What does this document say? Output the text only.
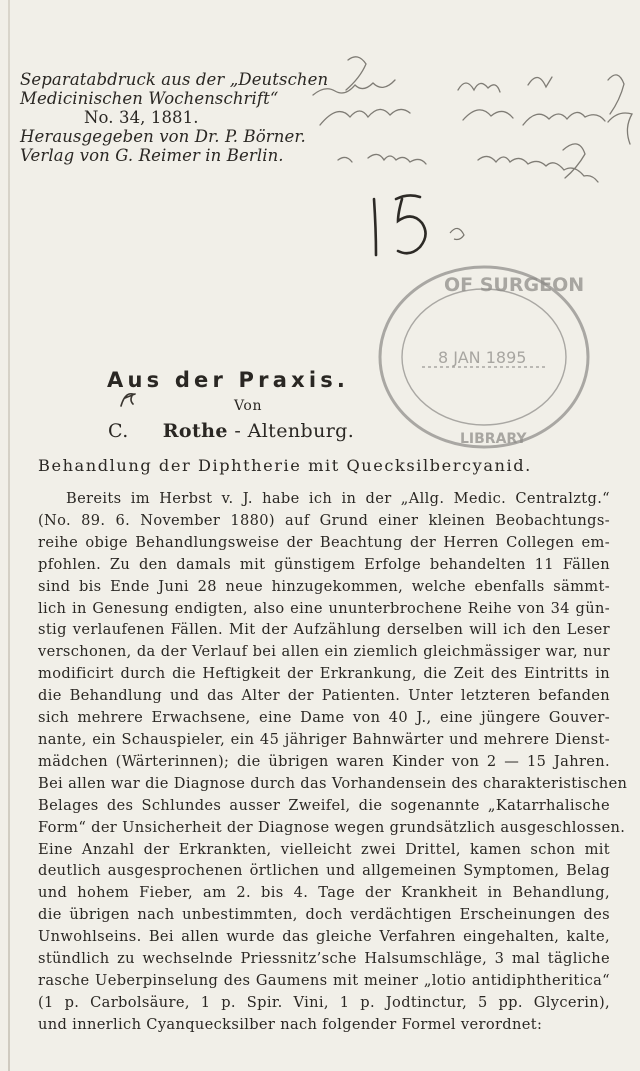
Separatabdruck aus der „Deutschen
Medicinischen Wochenschrift“
No. 34, 1881.
Herausgegeben von Dr. P. Börner.
Verlag von G. Reimer in Berlin.
OF SURGEON
8 JAN 1895
LIBRARY
Aus der Praxis.
Von
C. Rothe - Altenburg.
Behandlung der Diphtherie mit Quecksilbercyanid.
Bereits im Herbst v. J. habe ich in der „Allg. Medic. Centralztg.“
(No. 89. 6. November 1880) auf Grund einer kleinen Beobachtungs-
reihe obige Behandlungsweise der Beachtung der Herren Collegen em-
pfohlen. Zu den damals mit günstigem Erfolge behandelten 11 Fällen
sind bis Ende Juni 28 neue hinzugekommen, welche ebenfalls sämmt-
lich in Genesung endigten, also eine ununterbrochene Reihe von 34 gün-
stig verlaufenen Fällen. Mit der Aufzählung derselben will ich den Leser
verschonen, da der Verlauf bei allen ein ziemlich gleichmässiger war, nur
modificirt durch die Heftigkeit der Erkrankung, die Zeit des Eintritts in
die Behandlung und das Alter der Patienten. Unter letzteren befanden
sich mehrere Erwachsene, eine Dame von 40 J., eine jüngere Gouver-
nante, ein Schauspieler, ein 45 jähriger Bahnwärter und mehrere Dienst-
mädchen (Wärterinnen); die übrigen waren Kinder von 2 — 15 Jahren.
Bei allen war die Diagnose durch das Vorhandensein des charakteristischen
Belages des Schlundes ausser Zweifel, die sogenannte „Katarrhalische
Form“ der Unsicherheit der Diagnose wegen grundsätzlich ausgeschlossen.
Eine Anzahl der Erkrankten, vielleicht zwei Drittel, kamen schon mit
deutlich ausgesprochenen örtlichen und allgemeinen Symptomen, Belag
und hohem Fieber, am 2. bis 4. Tage der Krankheit in Behandlung,
die übrigen nach unbestimmten, doch verdächtigen Erscheinungen des
Unwohlseins. Bei allen wurde das gleiche Verfahren eingehalten, kalte,
stündlich zu wechselnde Priessnitz’sche Halsumschläge, 3 mal tägliche
rasche Ueberpinselung des Gaumens mit meiner „lotio antidiphtheritica“
(1 p. Carbolsäure, 1 p. Spir. Vini, 1 p. Jodtinctur, 5 pp. Glycerin),
und innerlich Cyanquecksilber nach folgender Formel verordnet:
